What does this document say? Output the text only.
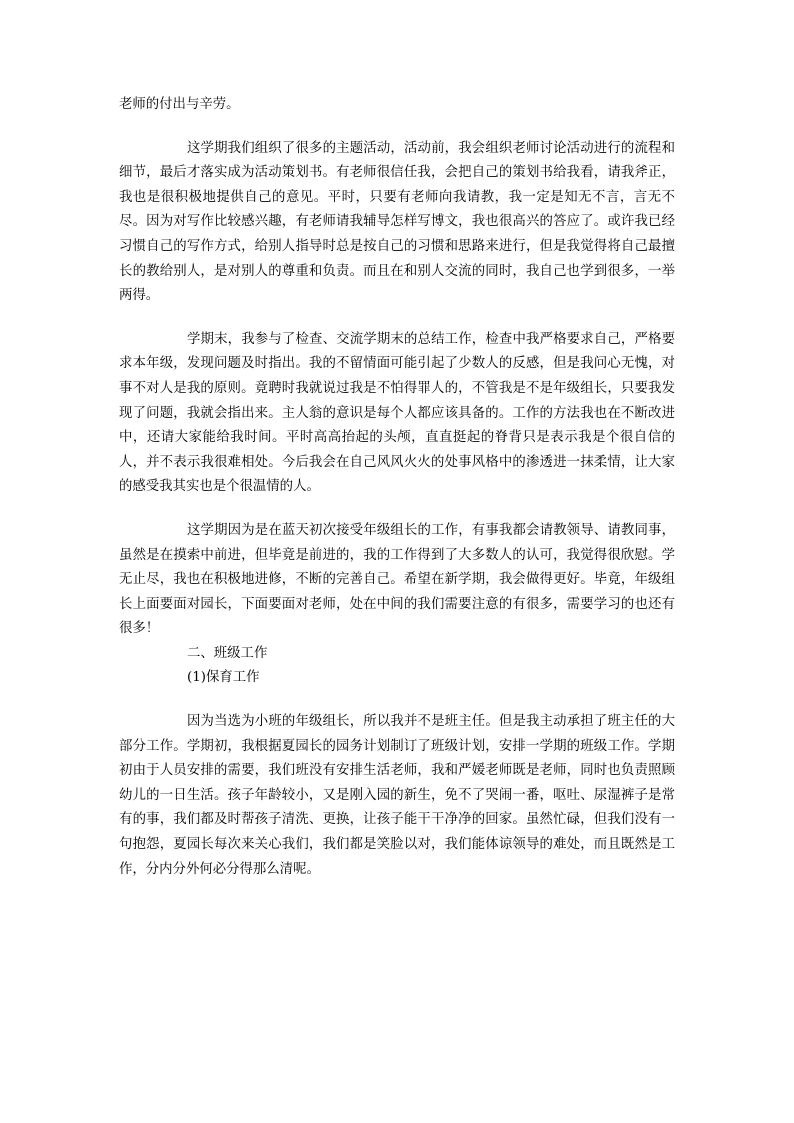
老师的付出与辛劳。

这学期我们组织了很多的主题活动，活动前，我会组织老师讨论活动进行的流程和细节，最后才落实成为活动策划书。有老师很信任我，会把自己的策划书给我看，请我斧正，我也是很积极地提供自己的意见。平时，只要有老师向我请教，我一定是知无不言，言无不尽。因为对写作比较感兴趣，有老师请我辅导怎样写博文，我也很高兴的答应了。或许我已经习惯自己的写作方式，给别人指导时总是按自己的习惯和思路来进行，但是我觉得将自己最擅长的教给别人，是对别人的尊重和负责。而且在和别人交流的同时，我自己也学到很多，一举两得。

学期末，我参与了检查、交流学期末的总结工作，检查中我严格要求自己，严格要求本年级，发现问题及时指出。我的不留情面可能引起了少数人的反感，但是我问心无愧，对事不对人是我的原则。竟聘时我就说过我是不怕得罪人的，不管我是不是年级组长，只要我发现了问题，我就会指出来。主人翁的意识是每个人都应该具备的。工作的方法我也在不断改进中，还请大家能给我时间。平时高高抬起的头颅，直直挺起的脊背只是表示我是个很自信的人，并不表示我很难相处。今后我会在自己风风火火的处事风格中的渗透进一抹柔情，让大家的感受我其实也是个很温情的人。

这学期因为是在蓝天初次接受年级组长的工作，有事我都会请教领导、请教同事，虽然是在摸索中前进，但毕竟是前进的，我的工作得到了大多数人的认可，我觉得很欣慰。学无止尽，我也在积极地进修，不断的完善自己。希望在新学期，我会做得更好。毕竟，年级组长上面要面对园长，下面要面对老师，处在中间的我们需要注意的有很多，需要学习的也还有很多！

二、班级工作

(1)保育工作

因为当选为小班的年级组长，所以我并不是班主任。但是我主动承担了班主任的大部分工作。学期初，我根据夏园长的园务计划制订了班级计划，安排一学期的班级工作。学期初由于人员安排的需要，我们班没有安排生活老师，我和严媛老师既是老师，同时也负责照顾幼儿的一日生活。孩子年龄较小，又是刚入园的新生，免不了哭闹一番，呕吐、尿湿裤子是常有的事，我们都及时帮孩子清洗、更换，让孩子能干干净净的回家。虽然忙碌，但我们没有一句抱怨，夏园长每次来关心我们，我们都是笑脸以对，我们能体谅领导的难处，而且既然是工作，分内分外何必分得那么清呢。
